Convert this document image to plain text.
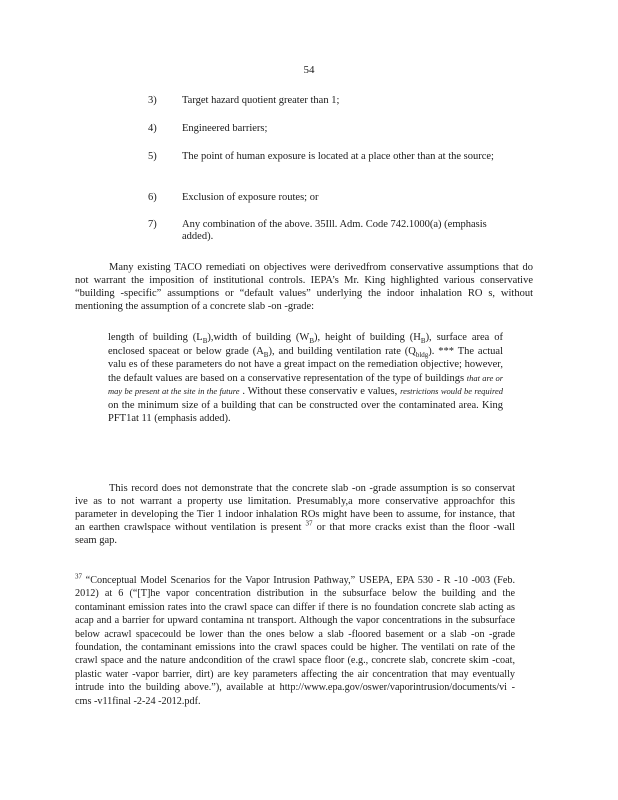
54
3)	Target hazard quotient greater than 1;
4)	Engineered barriers;
5)	The point of human exposure is located at a place other than at the source;
6)	Exclusion of exposure routes; or
7)	Any combination of the above. 35Ill. Adm. Code 742.1000(a) (emphasis added).
Many existing TACO remediati on objectives were derivedfrom conservative assumptions that do not warrant the imposition of institutional controls. IEPA’s Mr. King highlighted various conservative “building -specific” assumptions or “default values” underlying the indoor inhalation RO s, without mentioning the assumption of a concrete slab -on -grade:
length of building $(L_B),width$ of building $(W_B)$, height of building $(H_B)$, surface area of enclosed spaceat or below grade $(A_B)$, and building ventilation rate $(Q_{bldg})$. *** The actual valu es of these parameters do not have a great impact on the remediation objective; however, the default values are based on a conservative representation of the type of buildings that are or may be present at the site in the future . Without these conservativ e values, restrictions would be required on the minimum size of a building that can be constructed over the contaminated area. King PFT1at 11 (emphasis added).
This record does not demonstrate that the concrete slab -on -grade assumption is so conservat ive as to not warrant a property use limitation. Presumably,a more conservative approachfor this parameter in developing the Tier 1 indoor inhalation ROs might have been to assume, for instance, that an earthen crawlspace without ventilation is present $^{37}$ or that more cracks exist than the floor -wall seam gap.
$^{37}$ “Conceptual Model Scenarios for the Vapor Intrusion Pathway,” USEPA, EPA 530 - R -10 -003 (Feb. 2012) at 6 (“[T]he vapor concentration distribution in the subsurface below the building and the contaminant emission rates into the crawl space can differ if there is no foundation concrete slab acting as acap and a barrier for upward contamina nt transport. Although the vapor concentrations in the subsurface below acrawl spacecould be lower than the ones below a slab -floored basement or a slab -on -grade foundation, the contaminant emissions into the crawl spaces could be higher. The ventilati on rate of the crawl space and the nature andcondition of the crawl space floor (e.g., concrete slab, concrete skim -coat, plastic water -vapor barrier, dirt) are key parameters affecting the air concentration that may eventually intrude into the building above.”), available at http://www.epa.gov/oswer/vaporintrusion/documents/vi -cms -v11final -2-24 -2012.pdf.
